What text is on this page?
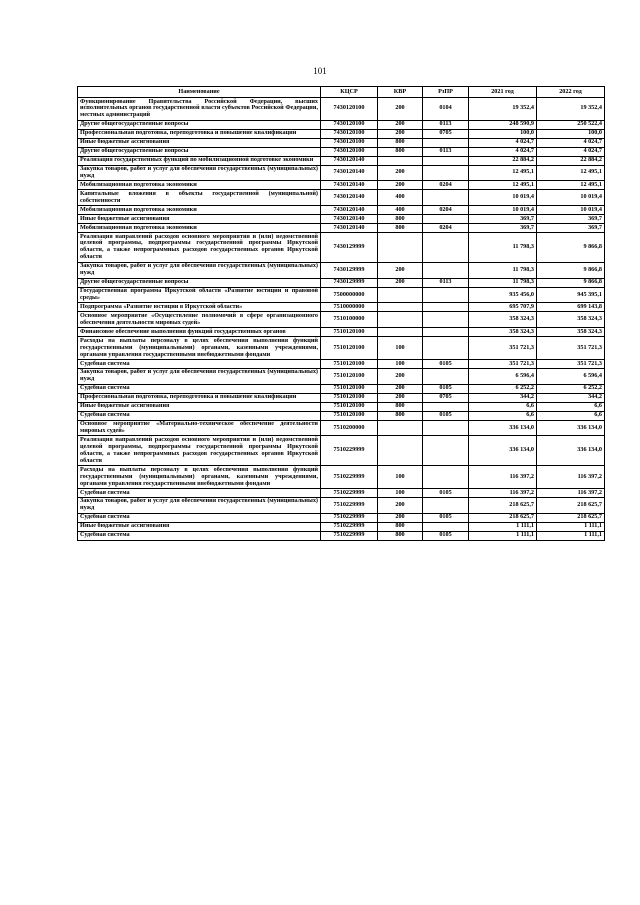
101
Наименование	КЦСР	КВР	РзПР	2021 год	2022 год
Функционирование Правительства Российской Федерации, высших исполнительных органов государственной власти субъектов Российской Федерации, местных администраций	7430120100	200	0104	19 352,4	19 352,4
Другие общегосударственные вопросы	7430120100	200	0113	248 590,9	250 522,4
Профессиональная подготовка, переподготовка и повышение квалификации	7430120100	200	0705	100,0	100,0
Иные бюджетные ассигнования	7430120100	800		4 024,7	4 024,7
Другие общегосударственные вопросы	7430120100	800	0113	4 024,7	4 024,7
Реализация государственных функций по мобилизационной подготовке экономики	7430120140			22 884,2	22 884,2
Закупка товаров, работ и услуг для обеспечения государственных (муниципальных) нужд	7430120140	200		12 495,1	12 495,1
Мобилизационная подготовка экономики	7430120140	200	0204	12 495,1	12 495,1
Капитальные вложения в объекты государственной (муниципальной) собственности	7430120140	400		10 019,4	10 019,4
Мобилизационная подготовка экономики	7430120140	400	0204	10 019,4	10 019,4
Иные бюджетные ассигнования	7430120140	800		369,7	369,7
Мобилизационная подготовка экономики	7430120140	800	0204	369,7	369,7
Реализация направлений расходов основного мероприятия и (или) ведомственной целевой программы, подпрограммы государственной программы Иркутской области, а также непрограммных расходов государственных органов Иркутской области	7430129999			11 798,3	9 866,8
Закупка товаров, работ и услуг для обеспечения государственных (муниципальных) нужд	7430129999	200		11 798,3	9 866,8
Другие общегосударственные вопросы	7430129999	200	0113	11 798,3	9 866,8
Государственная программа Иркутской области «Развитие юстиции и правовой среды»	7500000000			935 456,0	945 395,1
Подпрограмма «Развитие юстиции в Иркутской области»	7510000000			695 707,9	699 143,8
Основное мероприятие «Осуществление полномочий в сфере организационного обеспечения деятельности мировых судей»	7510100000			358 324,3	358 324,3
Финансовое обеспечение выполнения функций государственных органов	7510120100			358 324,3	358 324,3
Расходы на выплаты персоналу в целях обеспечения выполнения функций государственными (муниципальными) органами, казенными учреждениями, органами управления государственными внебюджетными фондами	7510120100	100		351 721,3	351 721,3
Судебная система	7510120100	100	0105	351 721,3	351 721,3
Закупка товаров, работ и услуг для обеспечения государственных (муниципальных) нужд	7510120100	200		6 596,4	6 596,4
Судебная система	7510120100	200	0105	6 252,2	6 252,2
Профессиональная подготовка, переподготовка и повышение квалификации	7510120100	200	0705	344,2	344,2
Иные бюджетные ассигнования	7510120100	800		6,6	6,6
Судебная система	7510120100	800	0105	6,6	6,6
Основное мероприятие «Материально-техническое обеспечение деятельности мировых судей»	7510200000			336 134,0	336 134,0
Реализация направлений расходов основного мероприятия и (или) ведомственной целевой программы, подпрограммы государственной программы Иркутской области, а также непрограммных расходов государственных органов Иркутской области	7510229999			336 134,0	336 134,0
Расходы на выплаты персоналу в целях обеспечения выполнения функций государственными (муниципальными) органами, казенными учреждениями, органами управления государственными внебюджетными фондами	7510229999	100		116 397,2	116 397,2
Судебная система	7510229999	100	0105	116 397,2	116 397,2
Закупка товаров, работ и услуг для обеспечения государственных (муниципальных) нужд	7510229999	200		218 625,7	218 625,7
Судебная система	7510229999	200	0105	218 625,7	218 625,7
Иные бюджетные ассигнования	7510229999	800		1 111,1	1 111,1
Судебная система	7510229999	800	0105	1 111,1	1 111,1
